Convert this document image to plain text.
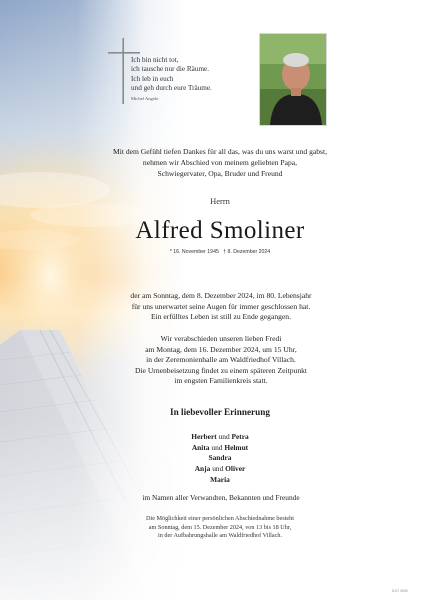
Ich bin nicht tot,
ich tausche nur die Räume.
Ich leb in euch
und geh durch eure Träume.
Michel Angelo
Mit dem Gefühl tiefen Dankes für all das, was du uns warst und gabst,
nehmen wir Abschied von meinem geliebten Papa,
Schwiegervater, Opa, Bruder und Freund
Herrn
Alfred Smoliner
* 16. November 1945 † 8. Dezember 2024
der am Sonntag, dem 8. Dezember 2024, im 80. Lebensjahr
für uns unerwartet seine Augen für immer geschlossen hat.
Ein erfülltes Leben ist still zu Ende gegangen.
Wir verabschieden unseren lieben Fredi
am Montag, dem 16. Dezember 2024, um 15 Uhr,
in der Zeremonienhalle am Waldfriedhof Villach.
Die Urnenbeisetzung findet zu einem späteren Zeitpunkt
im engsten Familienkreis statt.
In liebevoller Erinnerung
Herbert und Petra
Anita und Helmut
Sandra
Anja und Oliver
Maria
im Namen aller Verwandten, Bekannten und Freunde
Die Möglichkeit einer persönlichen Abschiednahme besteht
am Sonntag, dem 15. Dezember 2024, von 13 bis 18 Uhr,
in der Aufbahrungshalle am Waldfriedhof Villach.
D:07 3000
